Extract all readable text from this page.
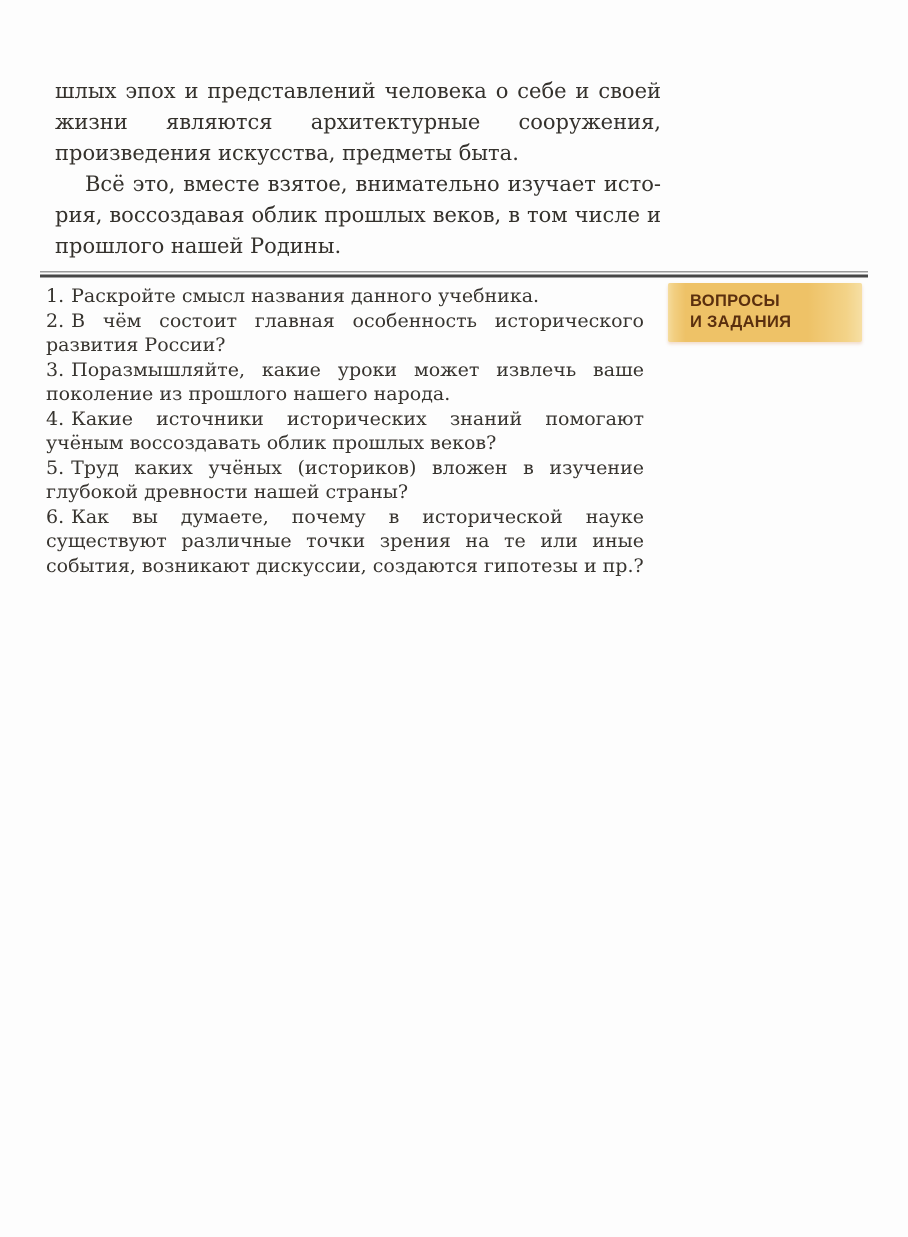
шлых эпох и представлений человека о себе и своей жизни являются архитектурные сооружения, произведения искусства, предметы быта.

Всё это, вместе взятое, внимательно изучает история, воссоздавая облик прошлых веков, в том числе и прошлого нашей Родины.

1. Раскройте смысл названия данного учебника.

2. В чём состоит главная особенность исторического развития России?

3. Поразмышляйте, какие уроки может извлечь ваше поколение из прошлого нашего народа.

4. Какие источники исторических знаний помогают учёным воссоздавать облик прошлых веков?

5. Труд каких учёных (историков) вложен в изучение глубокой древности нашей страны?

6. Как вы думаете, почему в исторической науке существуют различные точки зрения на те или иные события, возникают дискуссии, создаются гипотезы и пр.?

ВОПРОСЫ
И ЗАДАНИЯ
